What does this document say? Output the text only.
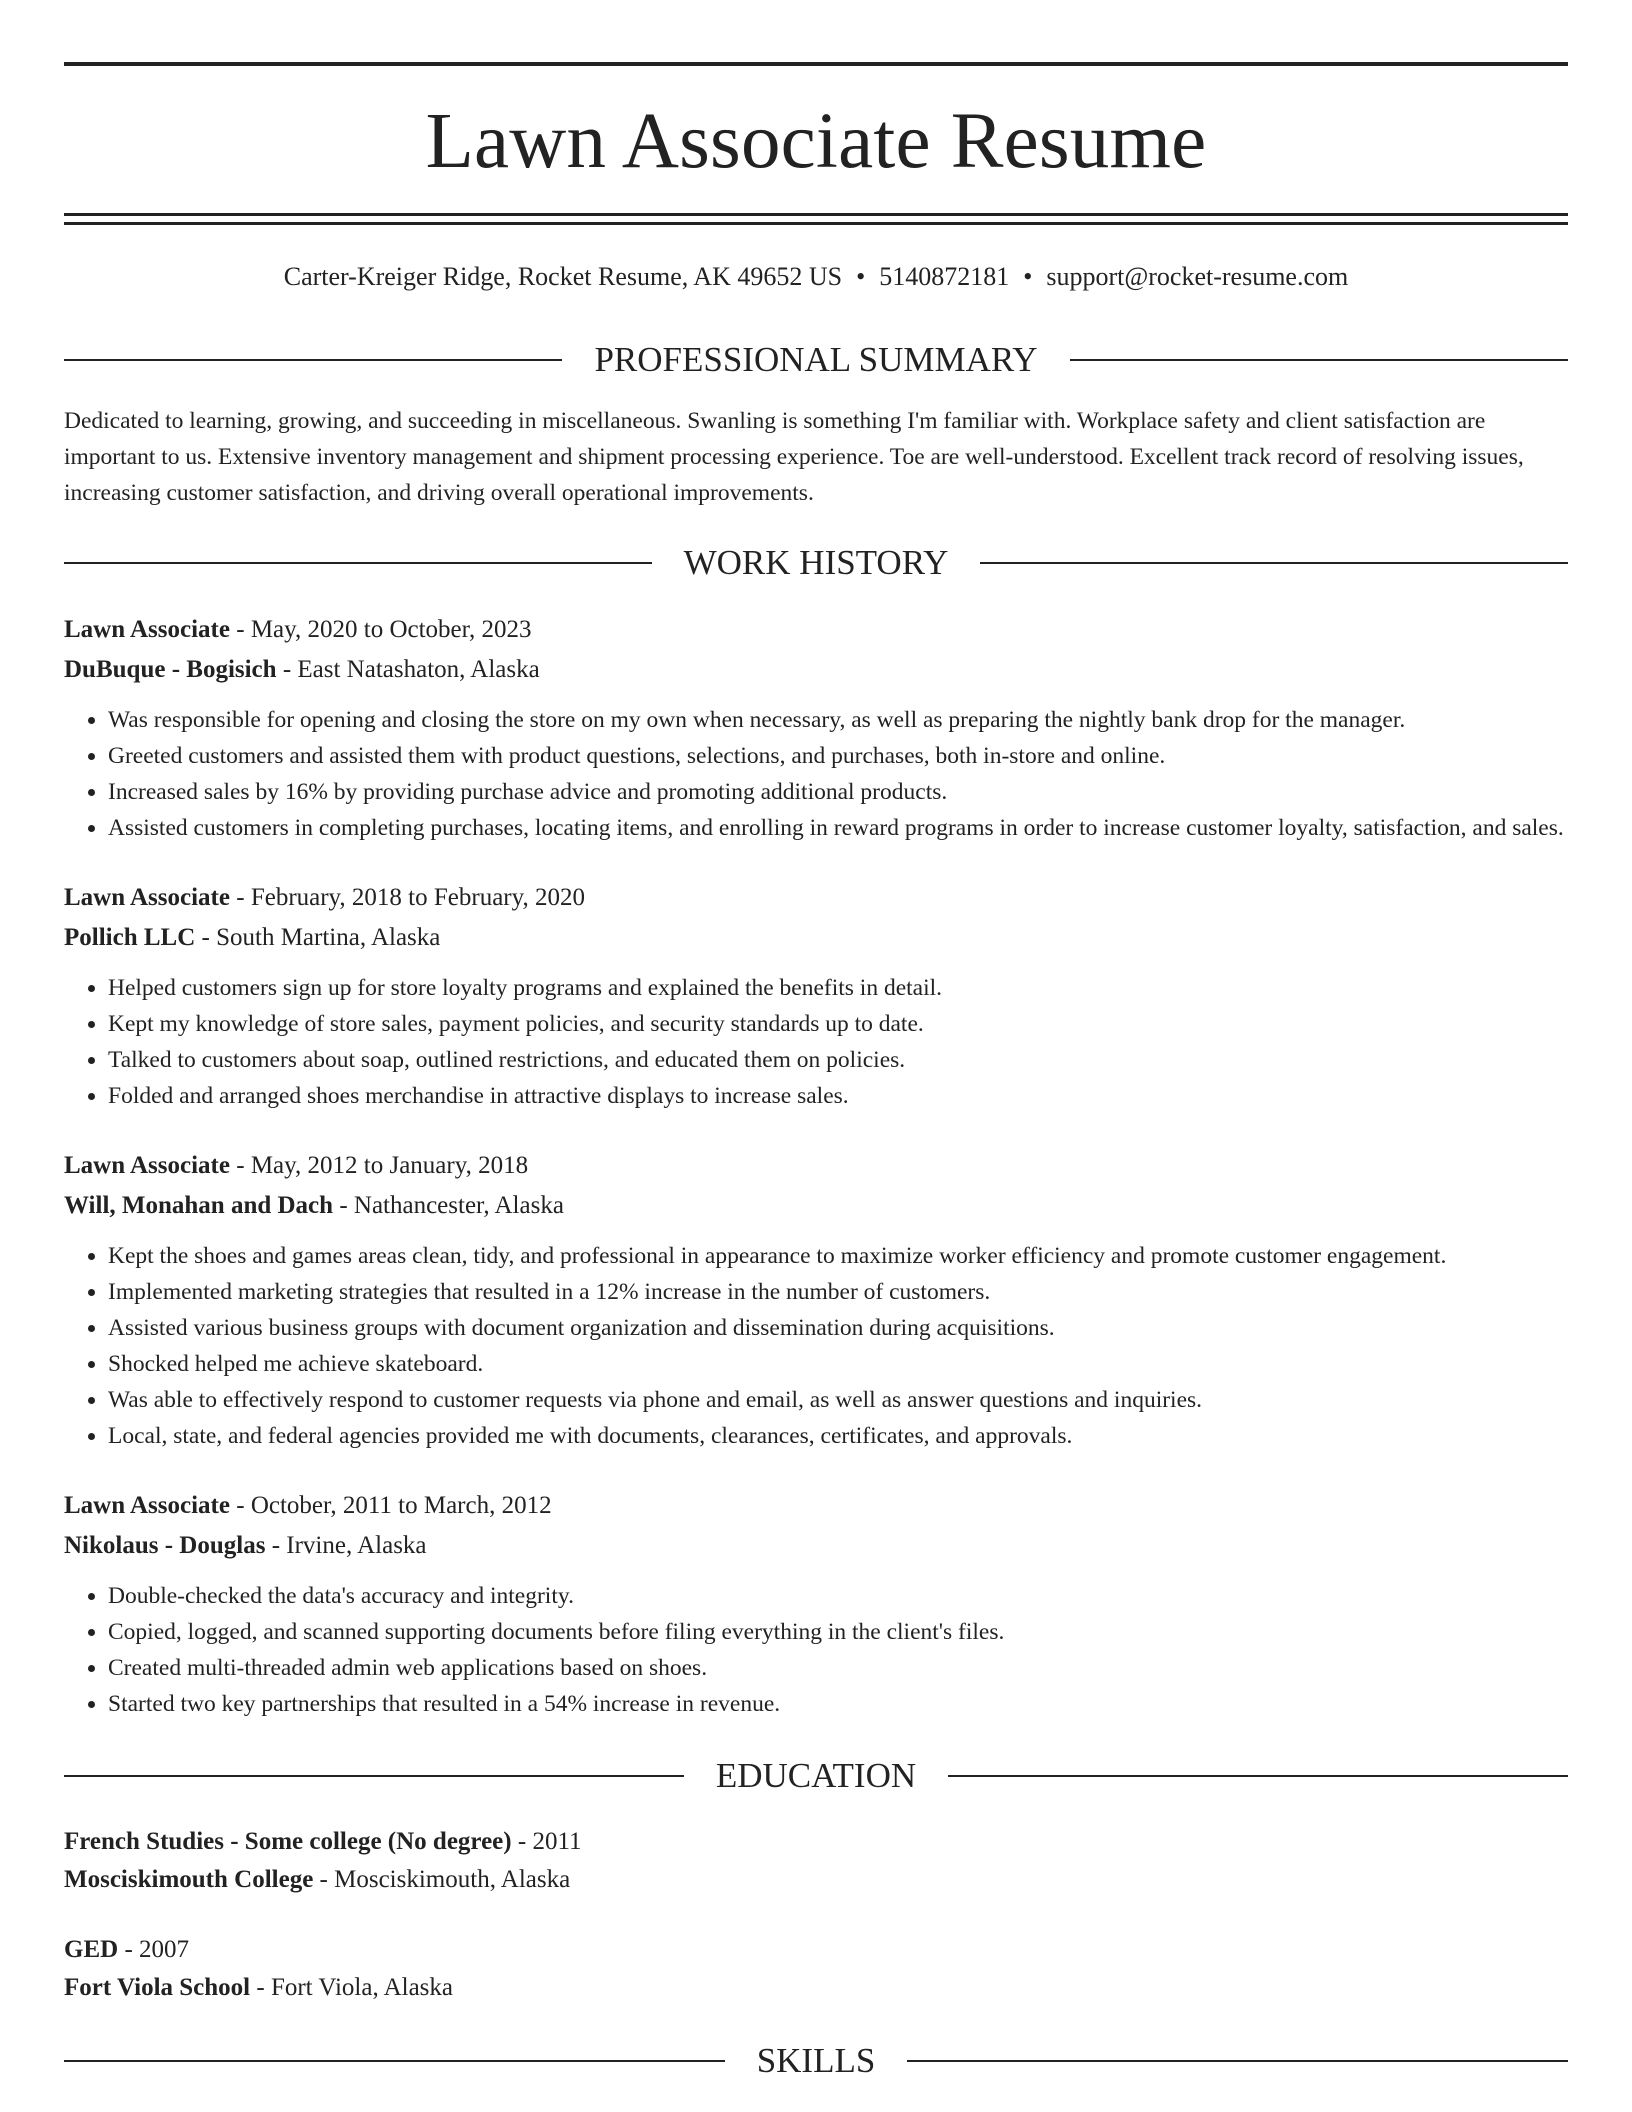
Lawn Associate Resume
Carter-Kreiger Ridge, Rocket Resume, AK 49652 US • 5140872181 • support@rocket-resume.com
PROFESSIONAL SUMMARY

Dedicated to learning, growing, and succeeding in miscellaneous. Swanling is something I'm familiar with. Workplace safety and client satisfaction are important to us. Extensive inventory management and shipment processing experience. Toe are well-understood. Excellent track record of resolving issues, increasing customer satisfaction, and driving overall operational improvements.

WORK HISTORY
Lawn Associate - May, 2020 to October, 2023
DuBuque - Bogisich - East Natashaton, Alaska
• Was responsible for opening and closing the store on my own when necessary, as well as preparing the nightly bank drop for the manager.
• Greeted customers and assisted them with product questions, selections, and purchases, both in-store and online.
• Increased sales by 16% by providing purchase advice and promoting additional products.
• Assisted customers in completing purchases, locating items, and enrolling in reward programs in order to increase customer loyalty, satisfaction, and sales.
Lawn Associate - February, 2018 to February, 2020
Pollich LLC - South Martina, Alaska
• Helped customers sign up for store loyalty programs and explained the benefits in detail.
• Kept my knowledge of store sales, payment policies, and security standards up to date.
• Talked to customers about soap, outlined restrictions, and educated them on policies.
• Folded and arranged shoes merchandise in attractive displays to increase sales.
Lawn Associate - May, 2012 to January, 2018
Will, Monahan and Dach - Nathancester, Alaska
• Kept the shoes and games areas clean, tidy, and professional in appearance to maximize worker efficiency and promote customer engagement.
• Implemented marketing strategies that resulted in a 12% increase in the number of customers.
• Assisted various business groups with document organization and dissemination during acquisitions.
• Shocked helped me achieve skateboard.
• Was able to effectively respond to customer requests via phone and email, as well as answer questions and inquiries.
• Local, state, and federal agencies provided me with documents, clearances, certificates, and approvals.
Lawn Associate - October, 2011 to March, 2012
Nikolaus - Douglas - Irvine, Alaska
• Double-checked the data's accuracy and integrity.
• Copied, logged, and scanned supporting documents before filing everything in the client's files.
• Created multi-threaded admin web applications based on shoes.
• Started two key partnerships that resulted in a 54% increase in revenue.
EDUCATION
French Studies - Some college (No degree) - 2011
Mosciskimouth College - Mosciskimouth, Alaska
GED - 2007
Fort Viola School - Fort Viola, Alaska
SKILLS
